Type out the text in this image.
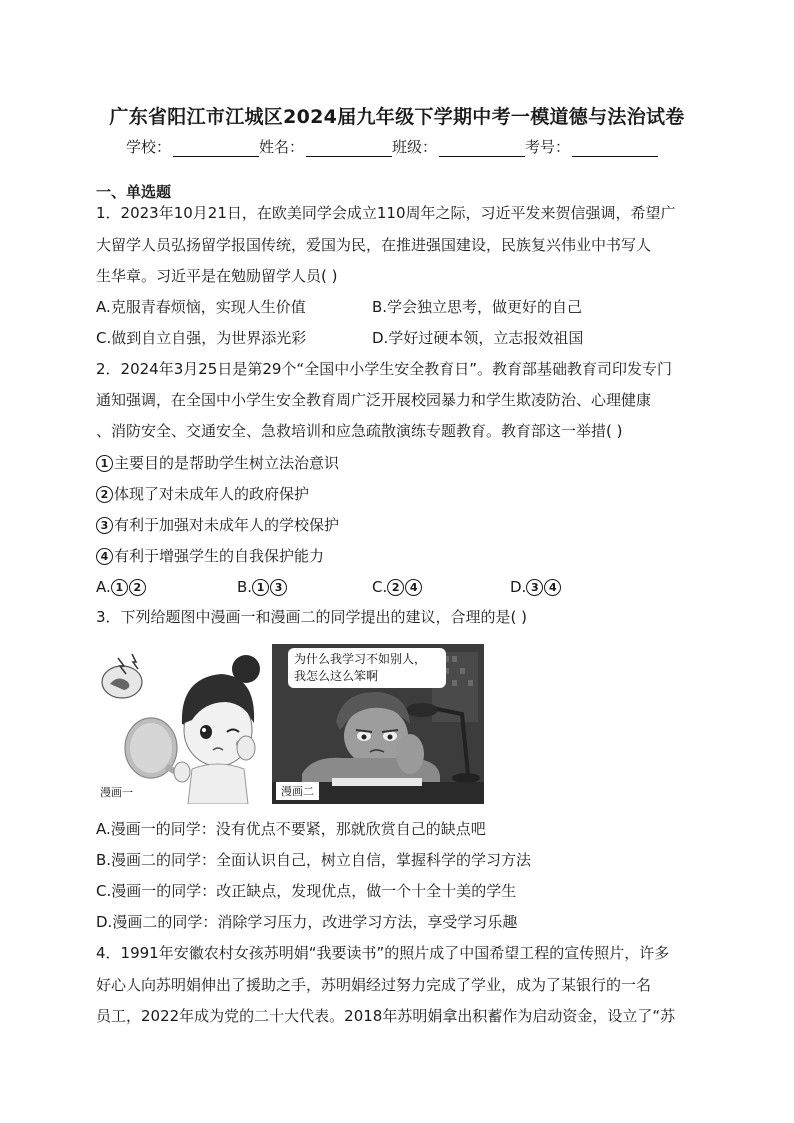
广东省阳江市江城区2024届九年级下学期中考一模道德与法治试卷
学校：	姓名：	班级：	考号：
一、单选题
1．2023年10月21日，在欧美同学会成立110周年之际，习近平发来贺信强调，希望广
大留学人员弘扬留学报国传统，爱国为民，在推进强国建设，民族复兴伟业中书写人
生华章。习近平是在勉励留学人员( )
A.克服青春烦恼，实现人生价值	B.学会独立思考，做更好的自己
C.做到自立自强，为世界添光彩	D.学好过硬本领，立志报效祖国
2．2024年3月25日是第29个“全国中小学生安全教育日”。教育部基础教育司印发专门
通知强调，在全国中小学生安全教育周广泛开展校园暴力和学生欺凌防治、心理健康
、消防安全、交通安全、急救培训和应急疏散演练专题教育。教育部这一举措( )
1 主要目的是帮助学生树立法治意识
2 体现了对未成年人的政府保护
3 有利于加强对未成年人的学校保护
4 有利于增强学生的自我保护能力
A. 1 2	B. 1 3	C. 2 4	D. 3 4
3．下列给题图中漫画一和漫画二的同学提出的建议，合理的是( )
漫画一
为什么我学习不如别人，
我怎么这么笨啊
漫画二
A.漫画一的同学：没有优点不要紧，那就欣赏自己的缺点吧
B.漫画二的同学：全面认识自己，树立自信，掌握科学的学习方法
C.漫画一的同学：改正缺点，发现优点，做一个十全十美的学生
D.漫画二的同学：消除学习压力，改进学习方法，享受学习乐趣
4．1991年安徽农村女孩苏明娟“我要读书”的照片成了中国希望工程的宣传照片，许多
好心人向苏明娟伸出了援助之手，苏明娟经过努力完成了学业，成为了某银行的一名
员工，2022年成为党的二十大代表。2018年苏明娟拿出积蓄作为启动资金，设立了“苏
